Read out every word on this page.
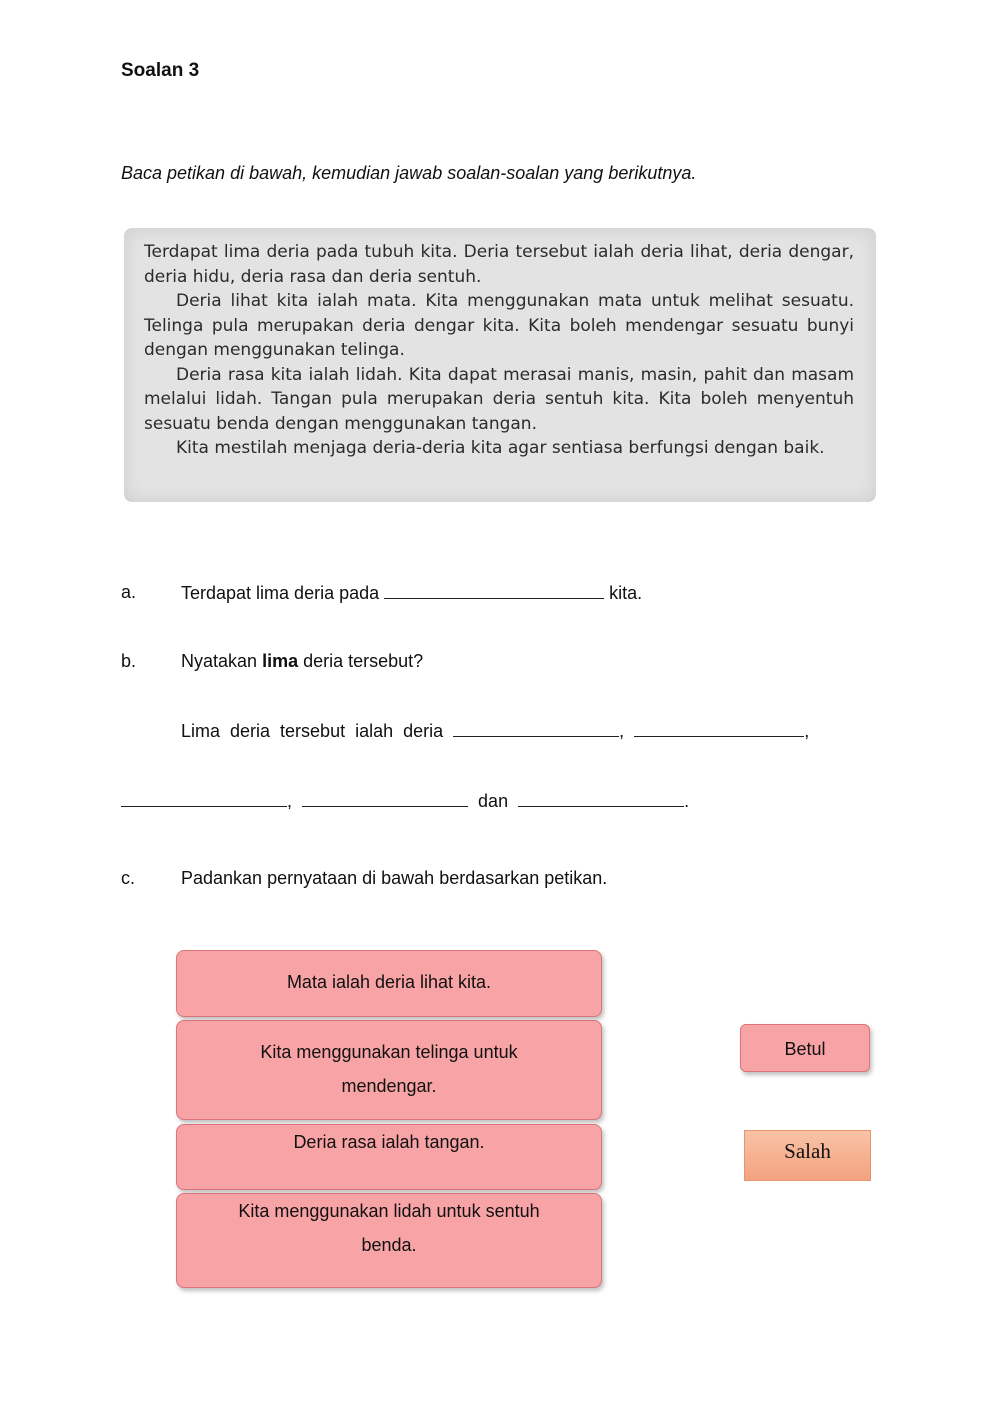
Soalan 3
Baca petikan di bawah, kemudian jawab soalan-soalan yang berikutnya.

Terdapat lima deria pada tubuh kita. Deria tersebut ialah deria lihat, deria dengar, deria hidu, deria rasa dan deria sentuh.

Deria lihat kita ialah mata. Kita menggunakan mata untuk melihat sesuatu. Telinga pula merupakan deria dengar kita. Kita boleh mendengar sesuatu bunyi dengan menggunakan telinga.

Deria rasa kita ialah lidah. Kita dapat merasai manis, masin, pahit dan masam melalui lidah. Tangan pula merupakan deria sentuh kita. Kita boleh menyentuh sesuatu benda dengan menggunakan tangan.

Kita mestilah menjaga deria-deria kita agar sentiasa berfungsi dengan baik.

a. Terdapat lima deria pada	kita.
b. Nyatakan lima deria tersebut?
Lima  deria  tersebut  ialah  deria	,	,
,	dan	.
c.	Padankan pernyataan di bawah berdasarkan petikan.
Mata ialah deria lihat kita.
Kita menggunakan telinga untuk mendengar.
Deria rasa ialah tangan.
Kita menggunakan lidah untuk sentuh benda.
Betul
Salah
